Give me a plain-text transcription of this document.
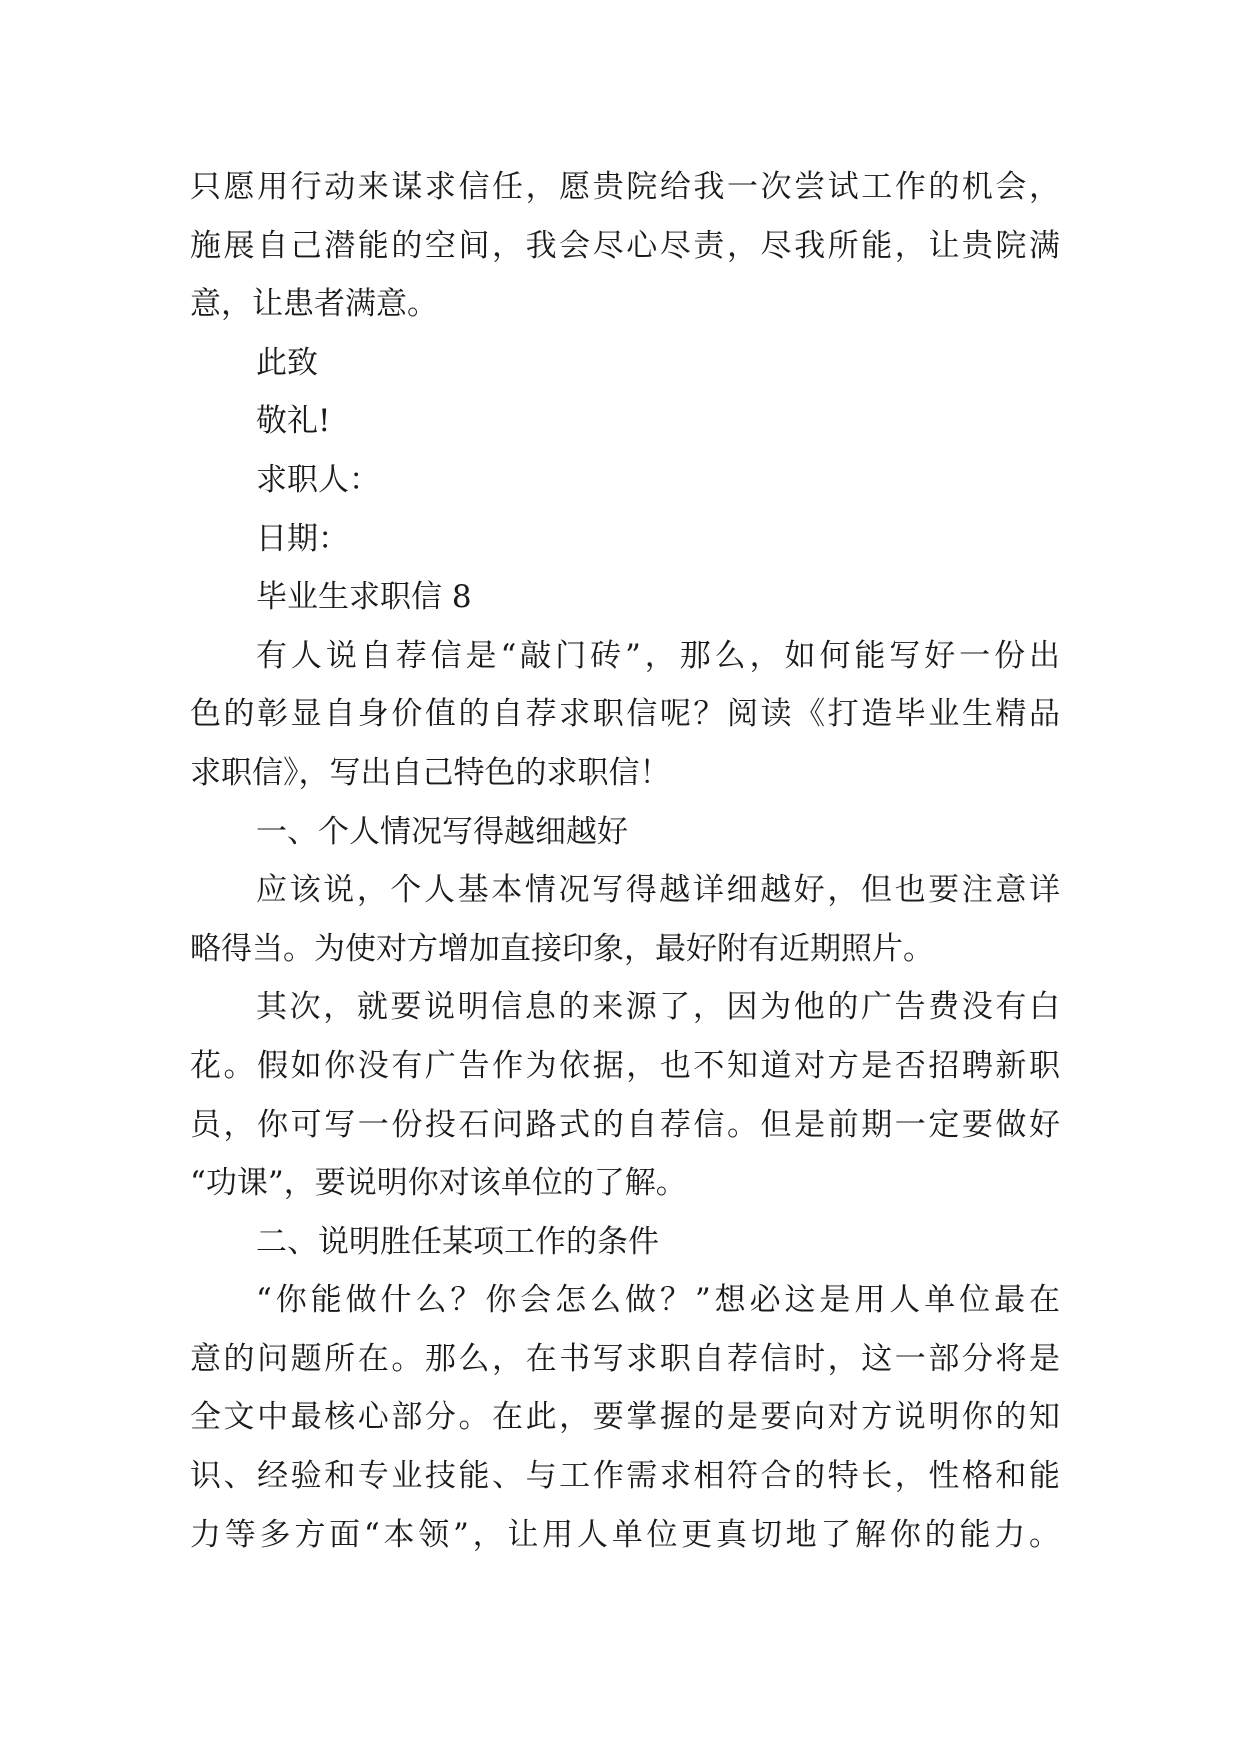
只愿用行动来谋求信任，愿贵院给我一次尝试工作的机会，
施展自己潜能的空间，我会尽心尽责，尽我所能，让贵院满
意，让患者满意。
此致
敬礼!
求职人：
日期：
毕业生求职信 8
有人说自荐信是“敲门砖”，那么，如何能写好一份出
色的彰显自身价值的自荐求职信呢？阅读《打造毕业生精品
求职信》，写出自己特色的求职信！
一、个人情况写得越细越好
应该说，个人基本情况写得越详细越好，但也要注意详
略得当。为使对方增加直接印象，最好附有近期照片。
其次，就要说明信息的来源了，因为他的广告费没有白
花。假如你没有广告作为依据，也不知道对方是否招聘新职
员，你可写一份投石问路式的自荐信。但是前期一定要做好
“功课”，要说明你对该单位的了解。
二、说明胜任某项工作的条件
“你能做什么？你会怎么做？”想必这是用人单位最在
意的问题所在。那么，在书写求职自荐信时，这一部分将是
全文中最核心部分。在此，要掌握的是要向对方说明你的知
识、经验和专业技能、与工作需求相符合的特长，性格和能
力等多方面“本领”，让用人单位更真切地了解你的能力。
